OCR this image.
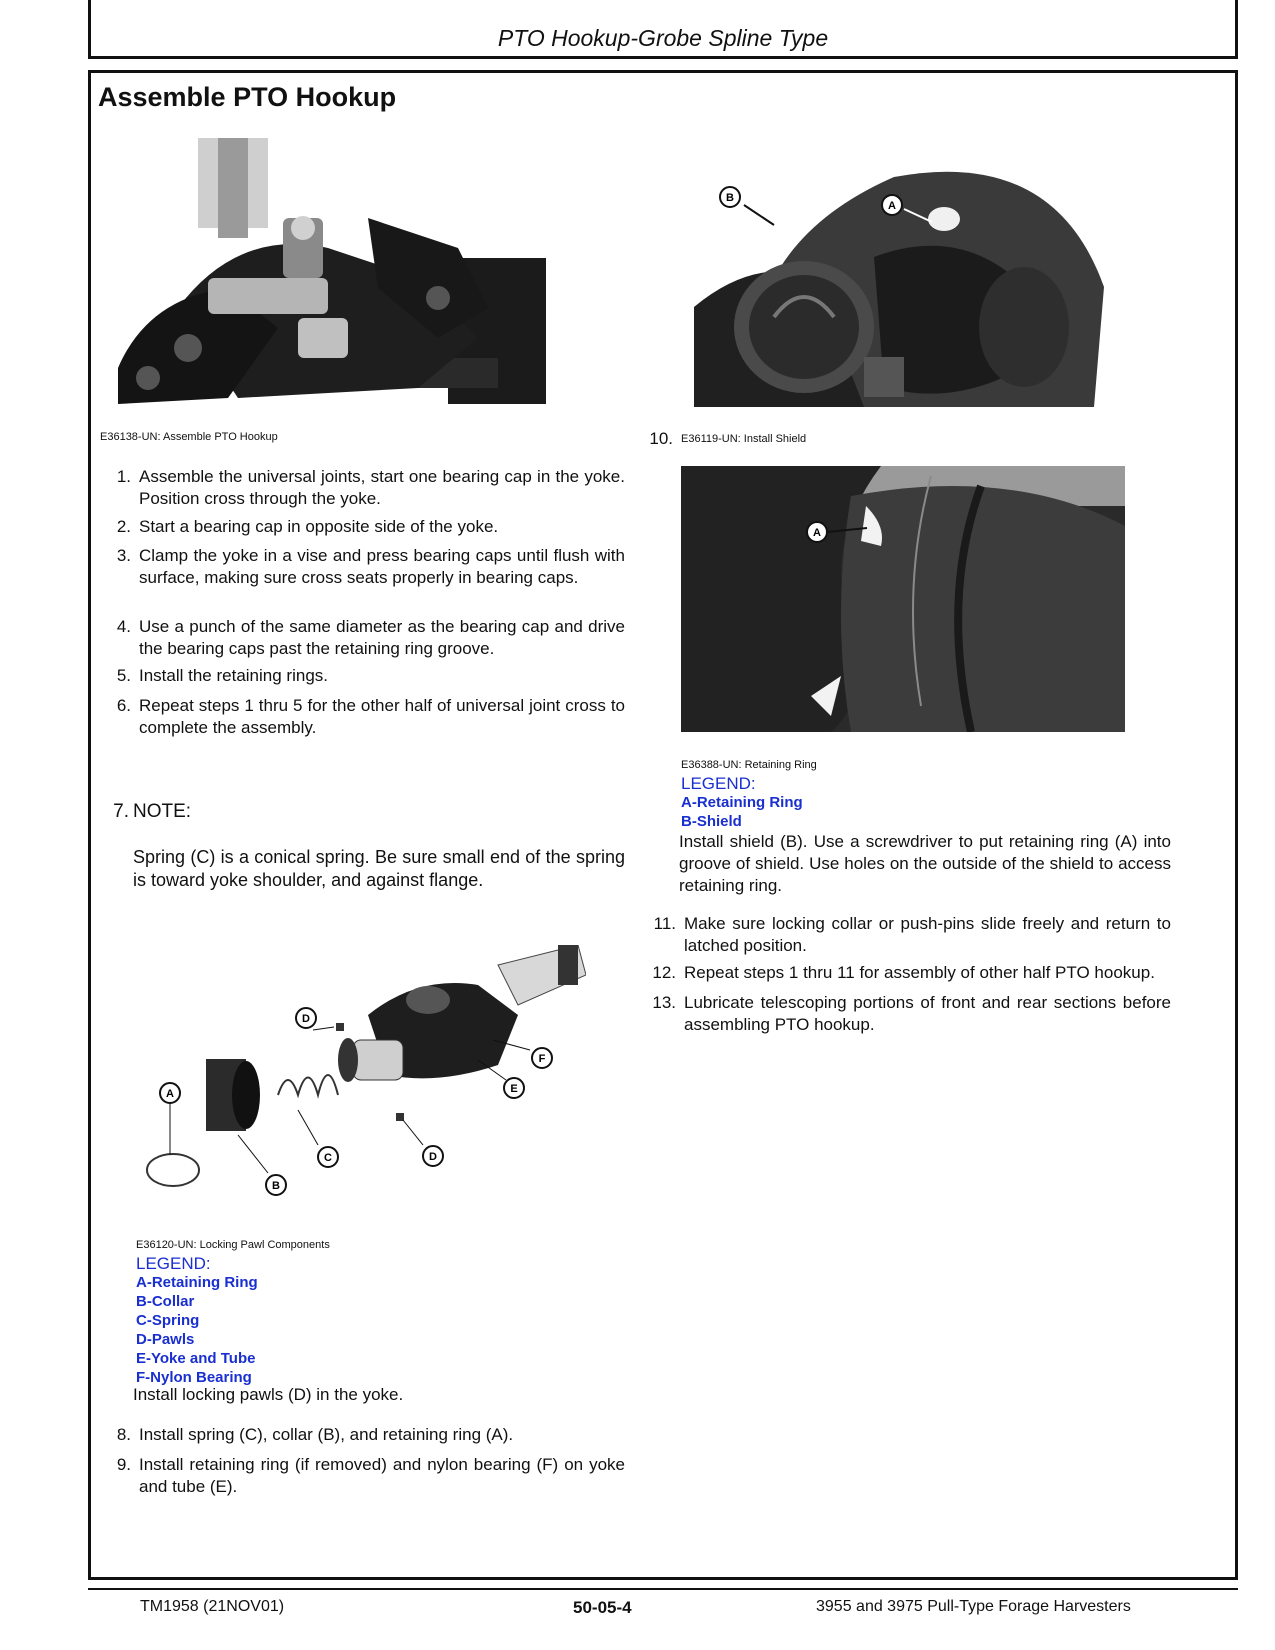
PTO Hookup-Grobe Spline Type
Assemble PTO Hookup
E36138-UN: Assemble PTO Hookup
1. Assemble the universal joints, start one bearing cap in the yoke. Position cross through the yoke.
2. Start a bearing cap in opposite side of the yoke.
3. Clamp the yoke in a vise and press bearing caps until flush with surface, making sure cross seats properly in bearing caps.
4. Use a punch of the same diameter as the bearing cap and drive the bearing caps past the retaining ring groove.
5. Install the retaining rings.
6. Repeat steps 1 thru 5 for the other half of universal joint cross to complete the assembly.
7. NOTE:
Spring (C) is a conical spring. Be sure small end of the spring is toward yoke shoulder, and against flange.
A
B
C
D
D
E
F
E36120-UN: Locking Pawl Components
LEGEND:
A-Retaining Ring
B-Collar
C-Spring
D-Pawls
E-Yoke and Tube
F-Nylon Bearing
Install locking pawls (D) in the yoke.
8. Install spring (C), collar (B), and retaining ring (A).
9. Install retaining ring (if removed) and nylon bearing (F) on yoke and tube (E).
B
A
10. E36119-UN: Install Shield
A
E36388-UN: Retaining Ring
LEGEND:
A-Retaining Ring
B-Shield
Install shield (B). Use a screwdriver to put retaining ring (A) into groove of shield. Use holes on the outside of the shield to access retaining ring.
11. Make sure locking collar or push-pins slide freely and return to latched position.
12. Repeat steps 1 thru 11 for assembly of other half PTO hookup.
13. Lubricate telescoping portions of front and rear sections before assembling PTO hookup.
TM1958 (21NOV01)	50-05-4	3955 and 3975 Pull-Type Forage Harvesters
